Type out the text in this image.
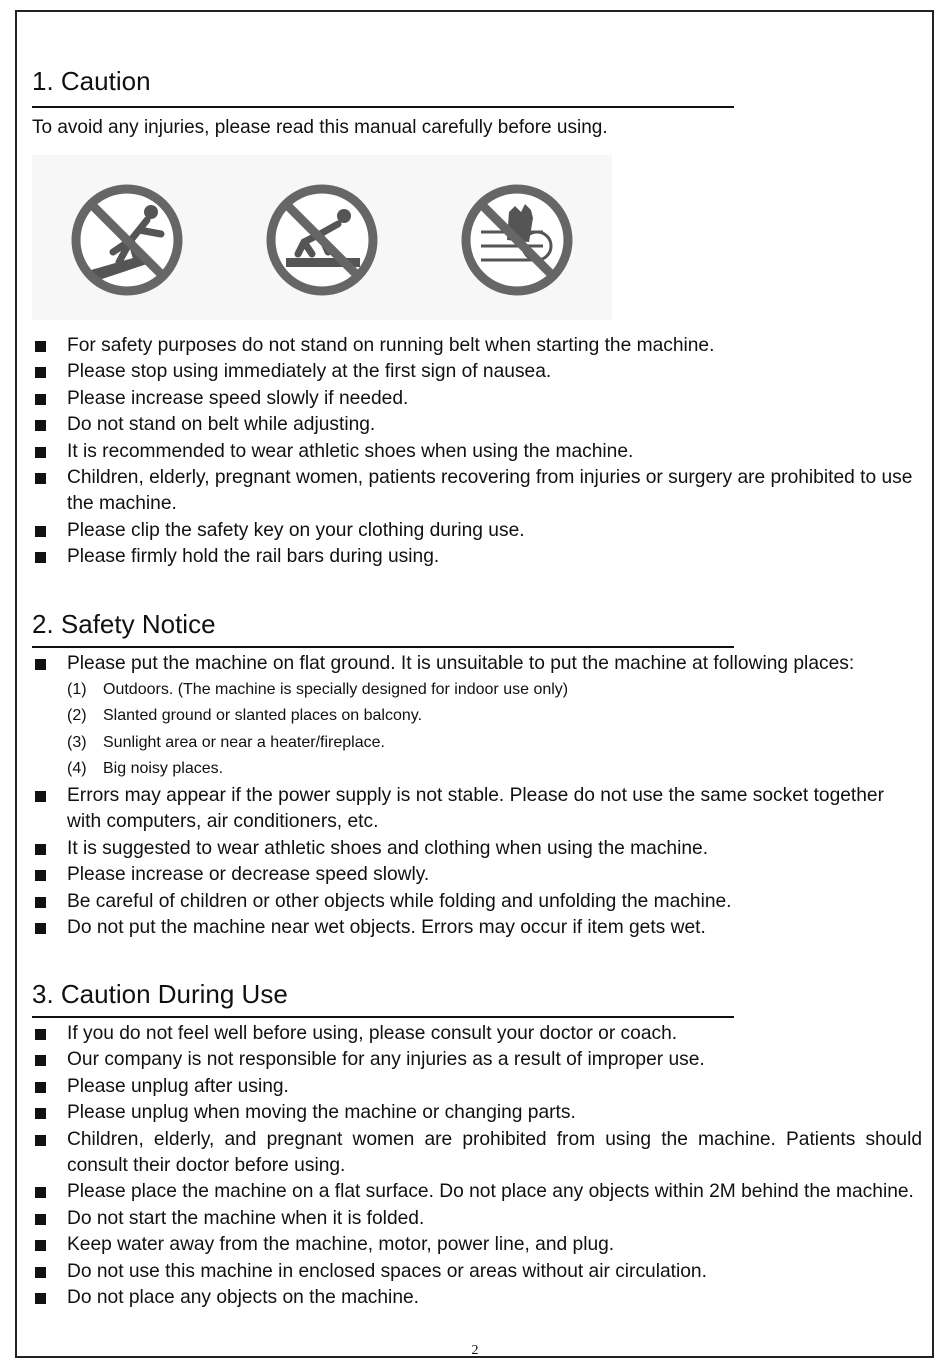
1. Caution
To avoid any injuries, please read this manual carefully before using.
For safety purposes do not stand on running belt when starting the machine.
Please stop using immediately at the first sign of nausea.
Please increase speed slowly if needed.
Do not stand on belt while adjusting.
It is recommended to wear athletic shoes when using the machine.
Children, elderly, pregnant women, patients recovering from injuries or surgery are prohibited to use the machine.
Please clip the safety key on your clothing during use.
Please firmly hold the rail bars during using.
2. Safety Notice
Please put the machine on flat ground. It is unsuitable to put the machine at following places:
(1) Outdoors. (The machine is specially designed for indoor use only)
(2) Slanted ground or slanted places on balcony.
(3) Sunlight area or near a heater/fireplace.
(4) Big noisy places.
Errors may appear if the power supply is not stable. Please do not use the same socket together with computers, air conditioners, etc.
It is suggested to wear athletic shoes and clothing when using the machine.
Please increase or decrease speed slowly.
Be careful of children or other objects while folding and unfolding the machine.
Do not put the machine near wet objects. Errors may occur if item gets wet.
3. Caution During Use
If you do not feel well before using, please consult your doctor or coach.
Our company is not responsible for any injuries as a result of improper use.
Please unplug after using.
Please unplug when moving the machine or changing parts.
Children, elderly, and pregnant women are prohibited from using the machine. Patients should consult their doctor before using.
Please place the machine on a flat surface. Do not place any objects within 2M behind the machine.
Do not start the machine when it is folded.
Keep water away from the machine, motor, power line, and plug.
Do not use this machine in enclosed spaces or areas without air circulation.
Do not place any objects on the machine.
2
